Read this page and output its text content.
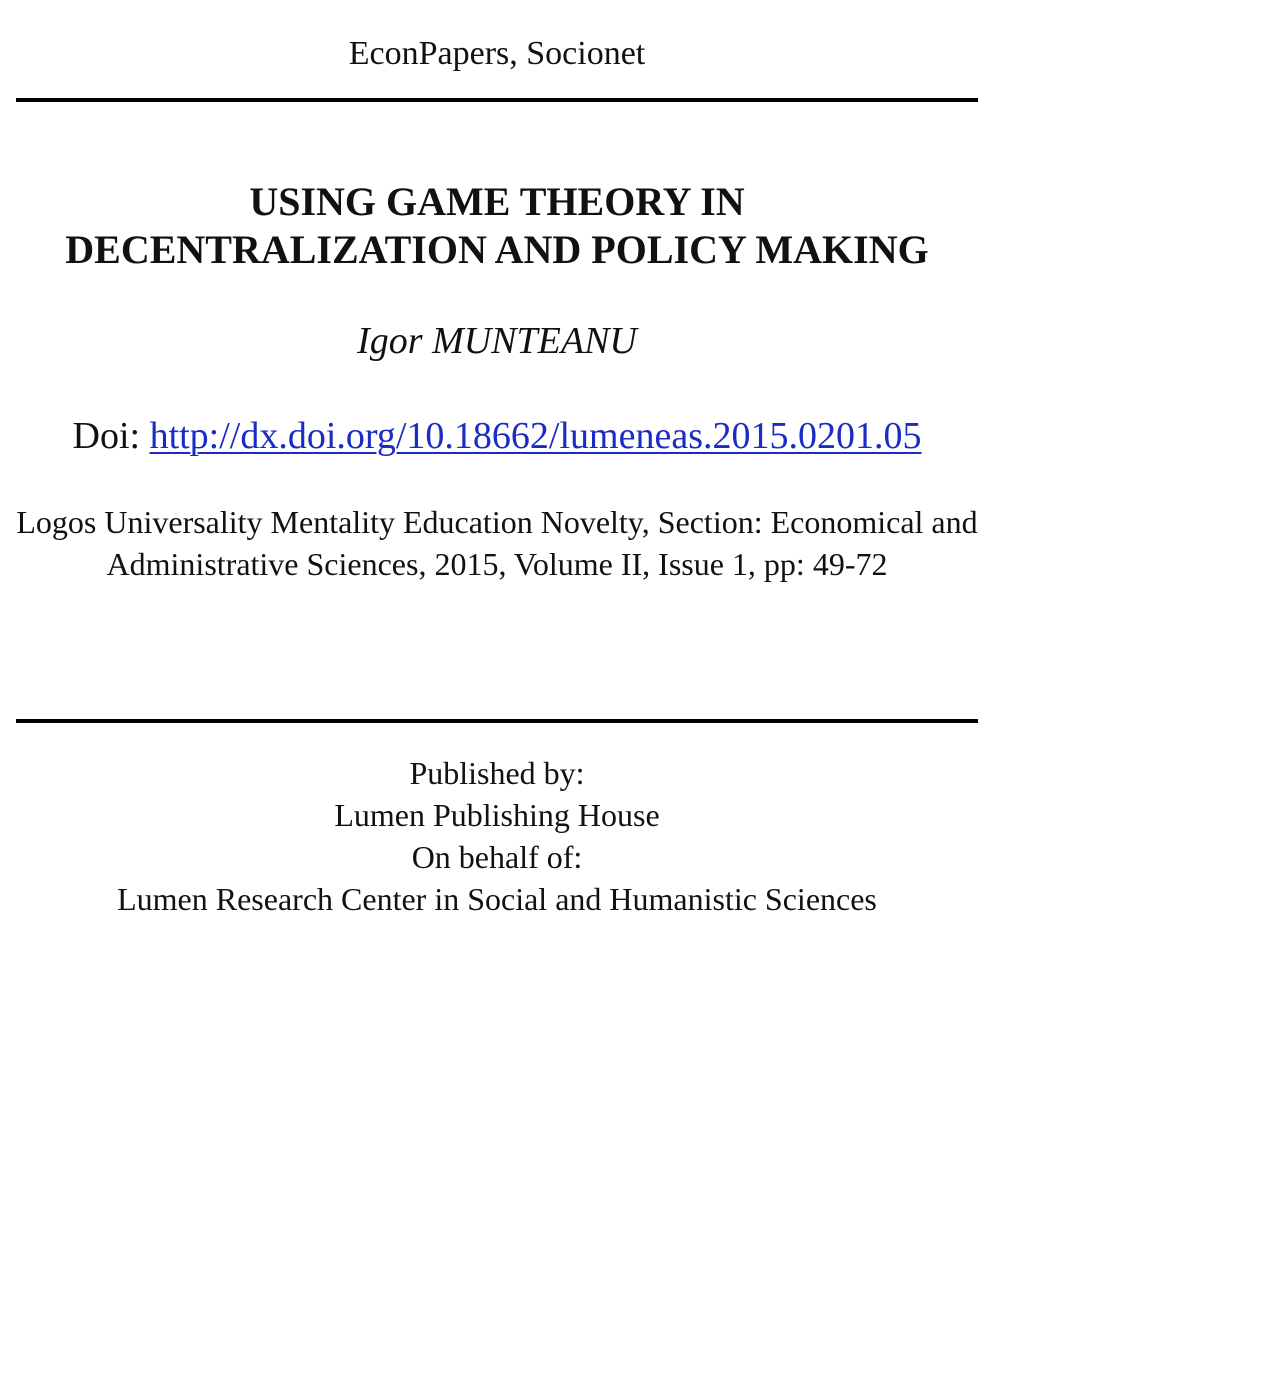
EconPapers, Socionet
USING GAME THEORY IN
DECENTRALIZATION AND POLICY MAKING
Igor MUNTEANU
Doi: http://dx.doi.org/10.18662/lumeneas.2015.0201.05
Logos Universality Mentality Education Novelty, Section: Economical and Administrative Sciences, 2015, Volume II, Issue 1, pp: 49-72
Published by:
Lumen Publishing House
On behalf of:
Lumen Research Center in Social and Humanistic Sciences
